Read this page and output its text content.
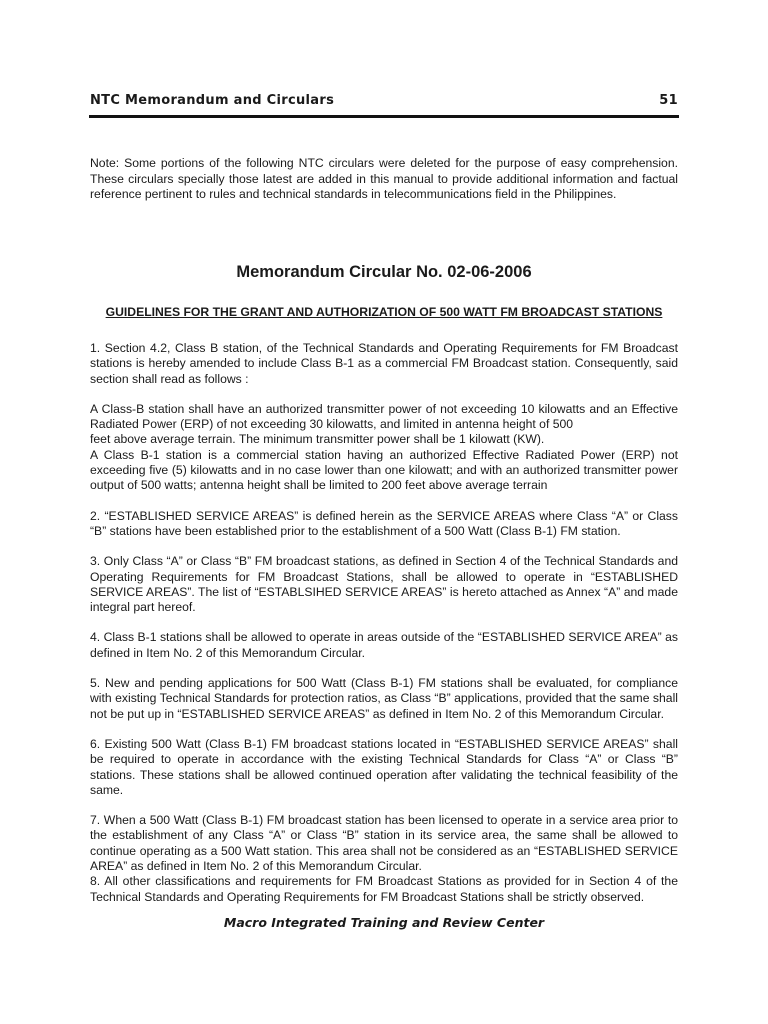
NTC Memorandum and Circulars	51
Note: Some portions of the following NTC circulars were deleted for the purpose of easy comprehension. These circulars specially those latest are added in this manual to provide additional information and factual reference pertinent to rules and technical standards in telecommunications field in the Philippines.
Memorandum Circular No. 02-06-2006
GUIDELINES FOR THE GRANT AND AUTHORIZATION OF 500 WATT FM BROADCAST STATIONS

1. Section 4.2, Class B station, of the Technical Standards and Operating Requirements for FM Broadcast stations is hereby amended to include Class B-1 as a commercial FM Broadcast station. Consequently, said section shall read as follows :

A Class-B station shall have an authorized transmitter power of not exceeding 10 kilowatts and an Effective Radiated Power (ERP) of not exceeding 30 kilowatts, and limited in antenna height of 500
feet above average terrain. The minimum transmitter power shall be 1 kilowatt (KW).

A Class B-1 station is a commercial station having an authorized Effective Radiated Power (ERP) not exceeding five (5) kilowatts and in no case lower than one kilowatt; and with an authorized transmitter power output of 500 watts; antenna height shall be limited to 200 feet above average terrain

2. “ESTABLISHED SERVICE AREAS” is defined herein as the SERVICE AREAS where Class “A” or Class “B” stations have been established prior to the establishment of a 500 Watt (Class B-1) FM station.

3. Only Class “A” or Class “B” FM broadcast stations, as defined in Section 4 of the Technical Standards and Operating Requirements for FM Broadcast Stations, shall be allowed to operate in “ESTABLISHED SERVICE AREAS”. The list of “ESTABLSIHED SERVICE AREAS” is hereto attached as Annex “A” and made integral part hereof.

4. Class B-1 stations shall be allowed to operate in areas outside of the “ESTABLISHED SERVICE AREA” as defined in Item No. 2 of this Memorandum Circular.

5. New and pending applications for 500 Watt (Class B-1) FM stations shall be evaluated, for compliance with existing Technical Standards for protection ratios, as Class “B” applications, provided that the same shall not be put up in “ESTABLISHED SERVICE AREAS” as defined in Item No. 2 of this Memorandum Circular.

6. Existing 500 Watt (Class B-1) FM broadcast stations located in “ESTABLISHED SERVICE AREAS” shall be required to operate in accordance with the existing Technical Standards for Class “A” or Class “B” stations. These stations shall be allowed continued operation after validating the technical feasibility of the same.

7. When a 500 Watt (Class B-1) FM broadcast station has been licensed to operate in a service area prior to the establishment of any Class “A” or Class “B” station in its service area, the same shall be allowed to continue operating as a 500 Watt station. This area shall not be considered as an “ESTABLISHED SERVICE AREA” as defined in Item No. 2 of this Memorandum Circular.

8. All other classifications and requirements for FM Broadcast Stations as provided for in Section 4 of the Technical Standards and Operating Requirements for FM Broadcast Stations shall be strictly observed.

Macro Integrated Training and Review Center
